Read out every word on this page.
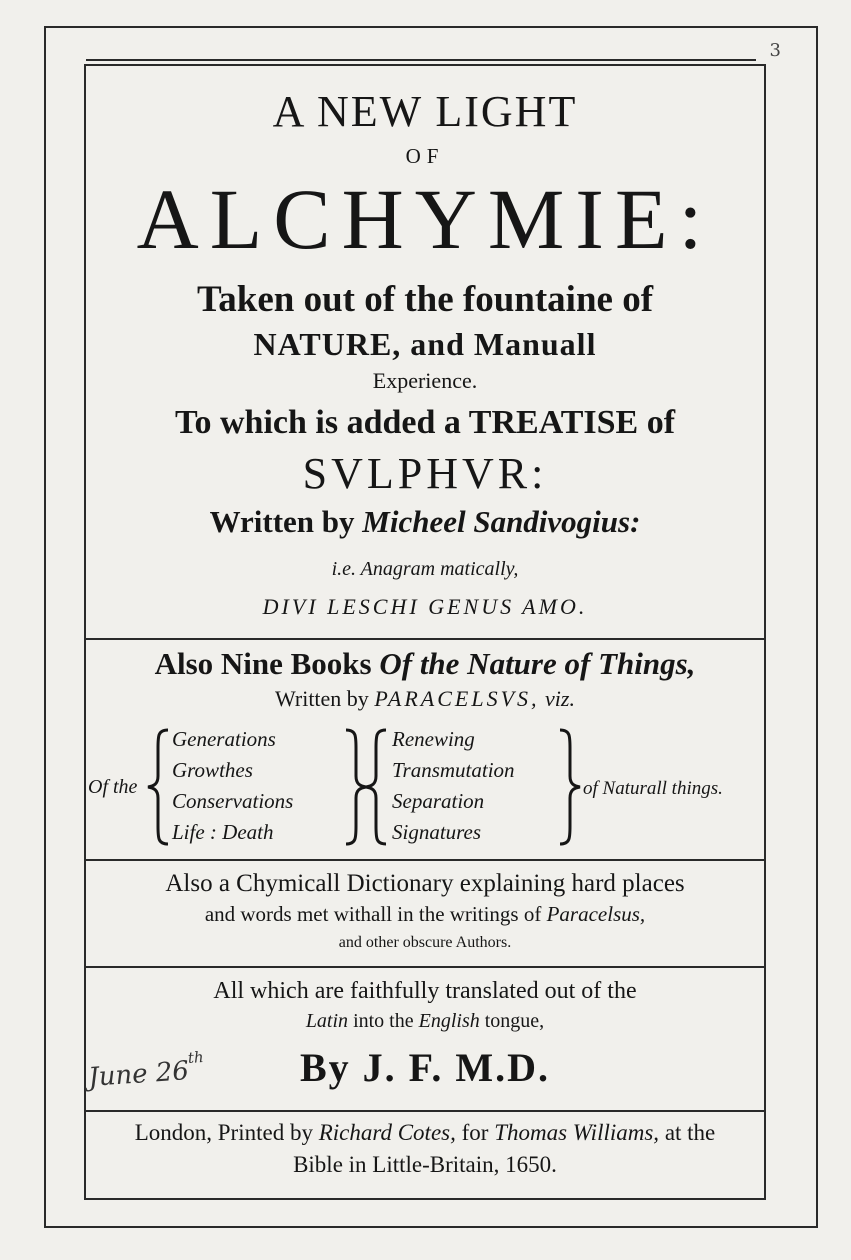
3
A NEW LIGHT
OF
ALCHYMIE:
Taken out of the fountaine of
NATURE, and Manuall
Experience.
To which is added a TREATISE of
SVLPHVR:
Written by Micheel Sandivogius:
i.e. Anagram matically,
DIVI LESCHI GENUS AMO.
Also Nine Books Of the Nature of Things,
Written by PARACELSVS, viz.
Of the
Generations
Growthes
Conservations
Life : Death
Renewing
Transmutation
Separation
Signatures
of Naturall things.
Also a Chymicall Dictionary explaining hard places
and words met withall in the writings of Paracelsus,
and other obscure Authors.
All which are faithfully translated out of the
Latin into the English tongue,
June 26th	By J. F. M.D.
London, Printed by Richard Cotes, for Thomas Williams, at the
Bible in Little-Britain, 1650.
